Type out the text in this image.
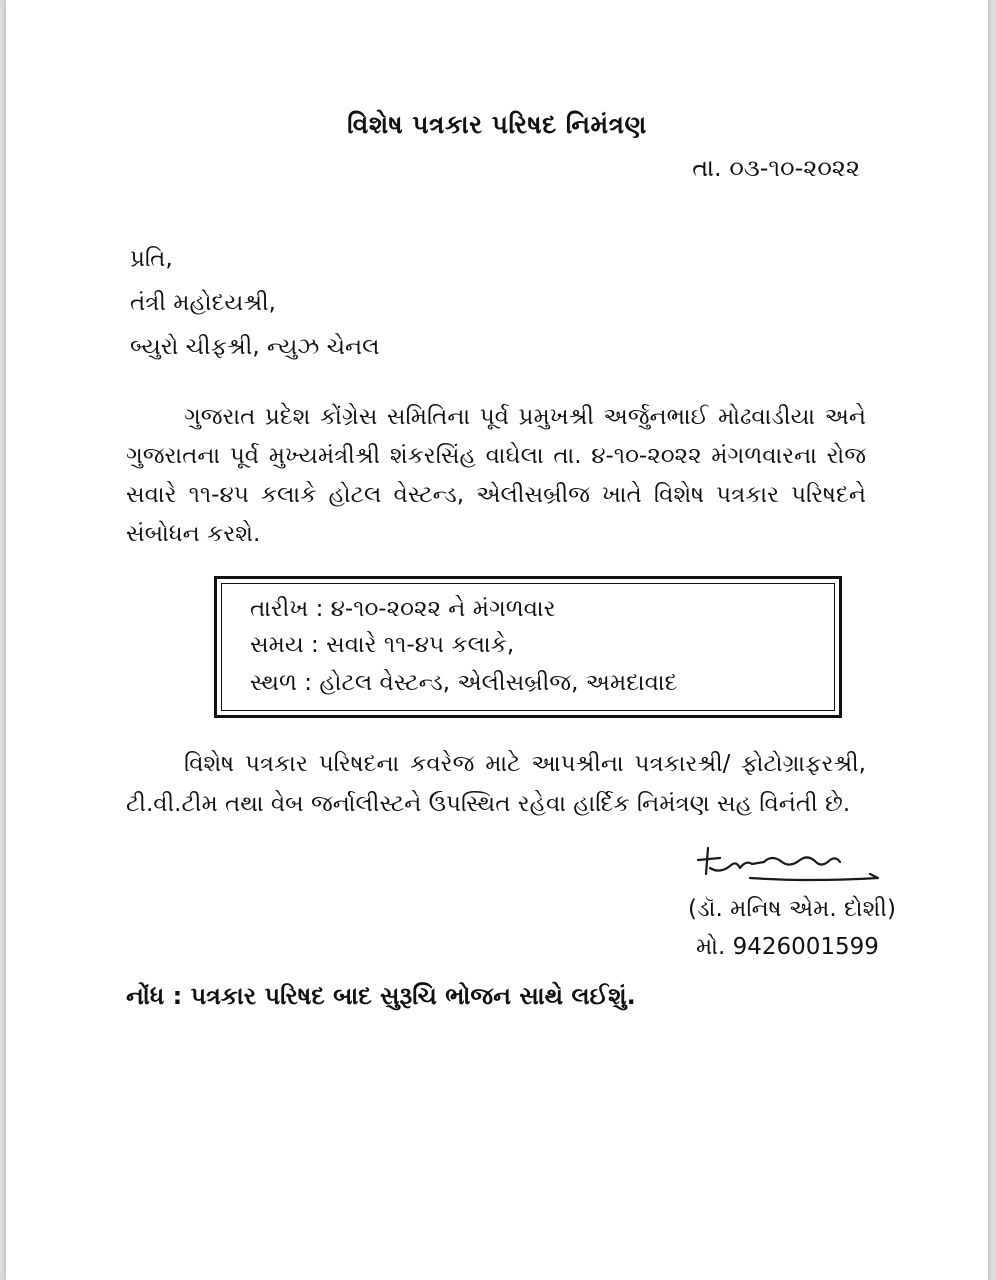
વિશેષ પત્રકાર પરિષદ નિમંત્રણ
તા. ૦૩-૧૦-૨૦૨૨
પ્રતિ,
તંત્રી મહોદયશ્રી,
બ્યુરો ચીફશ્રી, ન્યુઝ ચેનલ
ગુજરાત પ્રદેશ કોંગ્રેસ સમિતિના પૂર્વ પ્રમુખશ્રી અર્જુનભાઈ મોઢવાડીયા અને ગુજરાતના પૂર્વ મુખ્યમંત્રીશ્રી શંકરસિંહ વાઘેલા તા. ૪-૧૦-૨૦૨૨ મંગળવારના રોજ સવારે ૧૧-૪૫ કલાકે હોટલ વેસ્ટન્ડ, એલીસબ્રીજ ખાતે વિશેષ પત્રકાર પરિષદને સંબોધન કરશે.
તારીખ : ૪-૧૦-૨૦૨૨ ને મંગળવાર
સમય : સવારે ૧૧-૪૫ કલાકે,
સ્થળ : હોટલ વેસ્ટન્ડ, એલીસબ્રીજ, અમદાવાદ
વિશેષ પત્રકાર પરિષદના કવરેજ માટે આપશ્રીના પત્રકારશ્રી/ ફોટોગ્રાફરશ્રી, ટી.વી.ટીમ તથા વેબ જર્નાલીસ્ટને ઉપસ્થિત રહેવા હાર્દિક નિમંત્રણ સહ વિનંતી છે.
(ડૉ. મનિષ એમ. દોશી)
મો. 9426001599
નોંધ : પત્રકાર પરિષદ બાદ સુરૂચિ ભોજન સાથે લઈશું.
